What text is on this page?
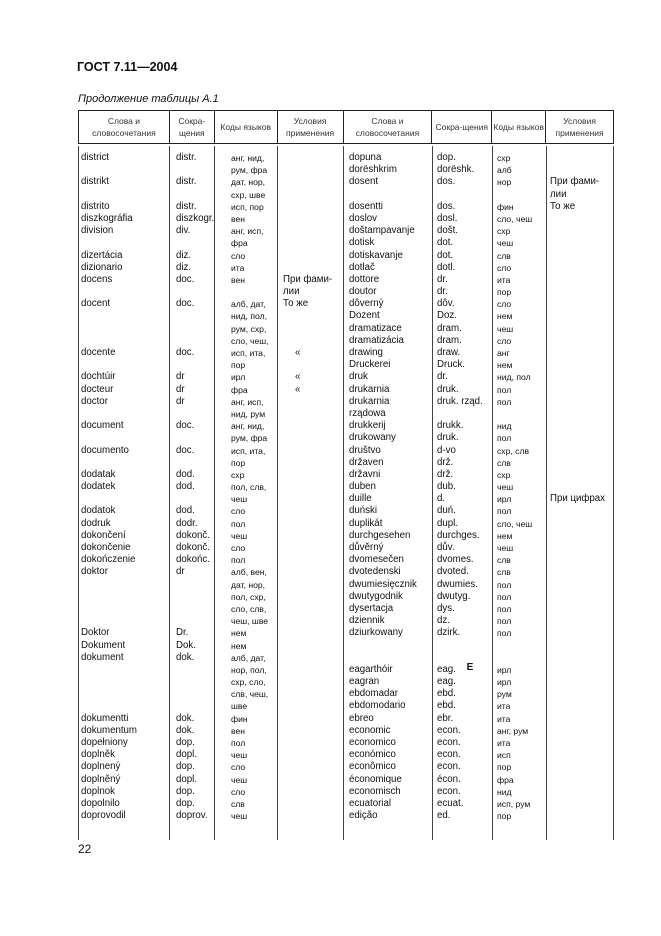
ГОСТ 7.11—2004
Продолжение таблицы А.1
Слова и словосочетания
Сокра-щения
Коды языков
Условия применения
Слова и словосочетания
Сокра-щения Коды языков
Условия применения
district
distrikt
distrito
diszkográfia
division
dizertácia
dizionario
docens
docent
docente
dochtúir
docteur
doctor
document
documento
dodatak
dodatek
dodatok
dodruk
dokončení
dokončenie
dokończenie
doktor
Doktor
Dokument
dokument
dokumentti
dokumentum
dopełniony
doplněk
doplnený
doplněný
doplnok
dopolnilo
doprovodil
distr.
distr.
distr.
diszkogr.
div.
diz.
diz.
doc.
doc.
doc.
dr
dr
dr
doc.
doc.
dod.
dod.
dod.
dodr.
dokonč.
dokonč.
dokońc.
dr
Dr.
Dok.
dok.
dok.
dok.
dop.
dopl.
dop.
dopl.
dop.
dop.
doprov.
анг, нид,
рум, фра
дат, нор,
схр, шве
исп, пор
вен
анг, исп,
фра
сло
ита
вен
алб, дат,
нид, пол,
рум, схр,
сло, чеш,
исп, ита,
пор
ирл
фра
анг, исп,
нид, рум
анг, нид,
рум, фра
исп, ита,
пор
схр
пол, слв,
чеш
сло
пол
чеш
сло
пол
алб, вен,
дат, нор,
пол, схр,
сло, слв,
чеш, шве
нем
нем
алб, дат,
нор, пол,
схр, сло,
слв, чеш,
шве
фин
вен
пол
чеш
сло
чеш
сло
слв
чеш
При фами-
лии
То же
«
«
«
dopuna
dorëshkrim
dosent
dosentti
doslov
doštampavanje
dotisk
dotiskavanje
dotlač
dottore
doutor
dôverný
Dozent
dramatizace
dramatizácia
drawing
Druckerei
druk
drukarnia
drukarnia
rządowa
drukkerij
drukowany
društvo
državen
državni
duben
duille
duński
duplikát
durchgesehen
důvěrný
dvomesečen
dvotedenski
dwumiesięcznik
dwutygodnik
dysertacja
dziennik
dziurkowany
eagarthóir
eagran
ebdomadar
ebdomodario
ebreo
economic
economico
económico
econômico
économique
economisch
ecuatorial
edição
dop.
dorëshk.
dos.
dos.
dosl.
došt.
dot.
dot.
dotl.
dr.
dr.
dôv.
Doz.
dram.
dram.
draw.
Druck.
dr.
druk.
druk. rząd.
drukk.
druk.
d-vo
drž.
drž.
dub.
d.
duń.
dupl.
durchges.
dův.
dvomes.
dvoted.
dwumies.
dwutyg.
dys.
dz.
dzirk.
eag.
eag.
ebd.
ebd.
ebr.
econ.
econ.
econ.
econ.
écon.
econ.
ecuat.
ed.
схр
алб
нор
фин
сло, чеш
схр
чеш
слв
сло
ита
пор
сло
нем
чеш
сло
анг
нем
нид, пол
пол
пол
нид
пол
схр, слв
слв
схр
чеш
ирл
пол
сло, чеш
нем
чеш
слв
слв
пол
пол
пол
пол
пол
ирл
ирл
рум
ита
ита
анг, рум
ита
исп
пор
фра
нид
исп, рум
пор
При фами-
лии
То же
При цифрах
E
22
